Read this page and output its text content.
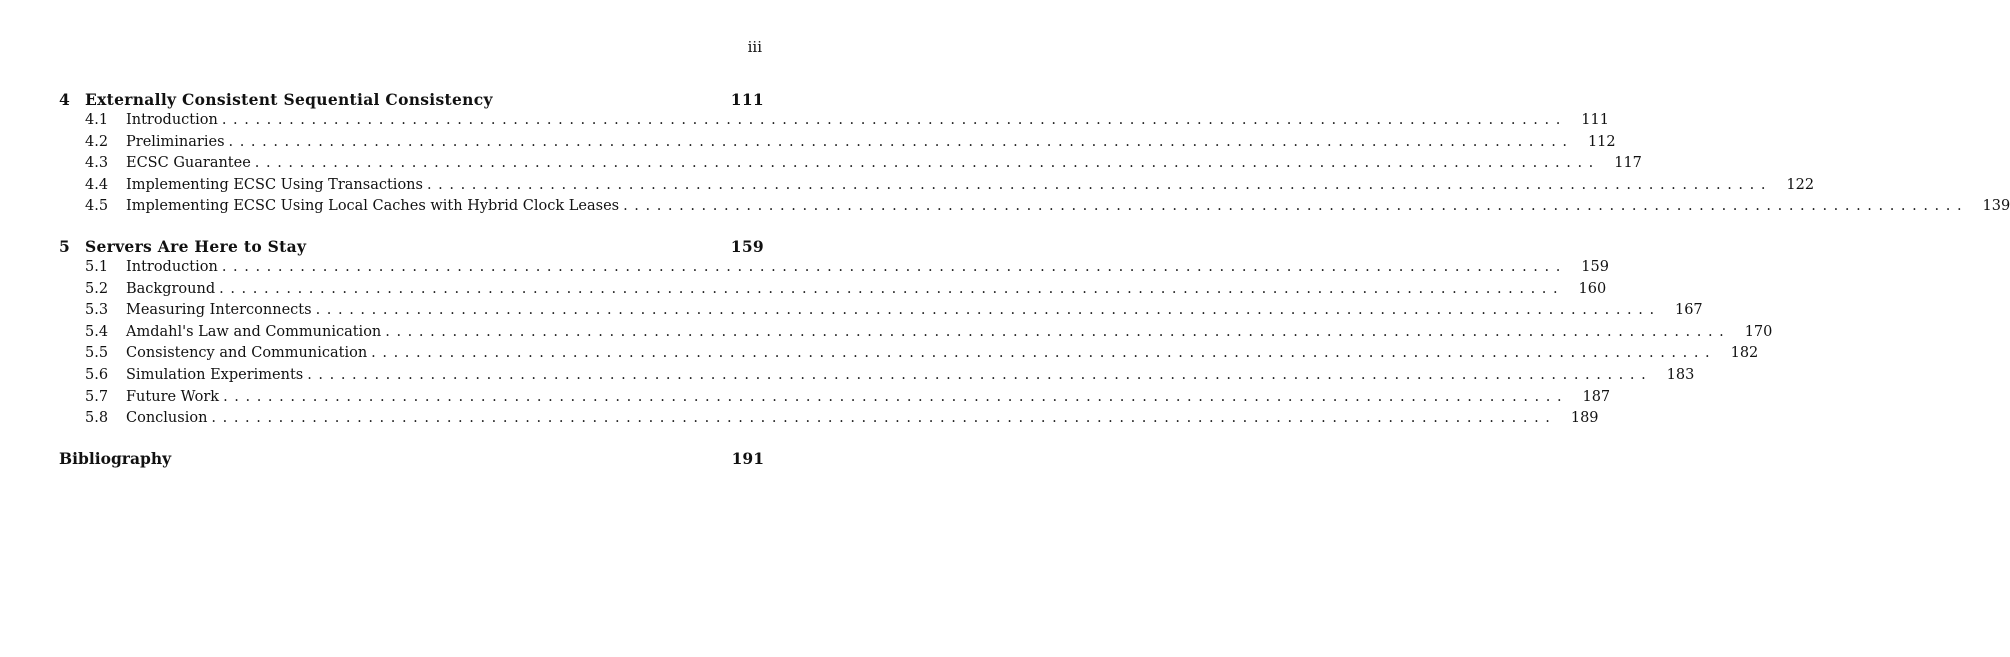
iii
4 Externally Consistent Sequential Consistency	111
4.1	Introduction ........................................................................................................................ 111
4.2	Preliminaries ........................................................................................................................ 112
4.3	ECSC Guarantee ........................................................................................................................ 117
4.4	Implementing ECSC Using Transactions ........................................................................................................................ 122
4.5	Implementing ECSC Using Local Caches with Hybrid Clock Leases ........................................................................................................................ 139
5 Servers Are Here to Stay	159
5.1	Introduction ........................................................................................................................ 159
5.2	Background ........................................................................................................................ 160
5.3	Measuring Interconnects ........................................................................................................................ 167
5.4	Amdahl's Law and Communication ........................................................................................................................ 170
5.5	Consistency and Communication ........................................................................................................................ 182
5.6	Simulation Experiments ........................................................................................................................ 183
5.7	Future Work ........................................................................................................................ 187
5.8	Conclusion ........................................................................................................................ 189
Bibliography	191
